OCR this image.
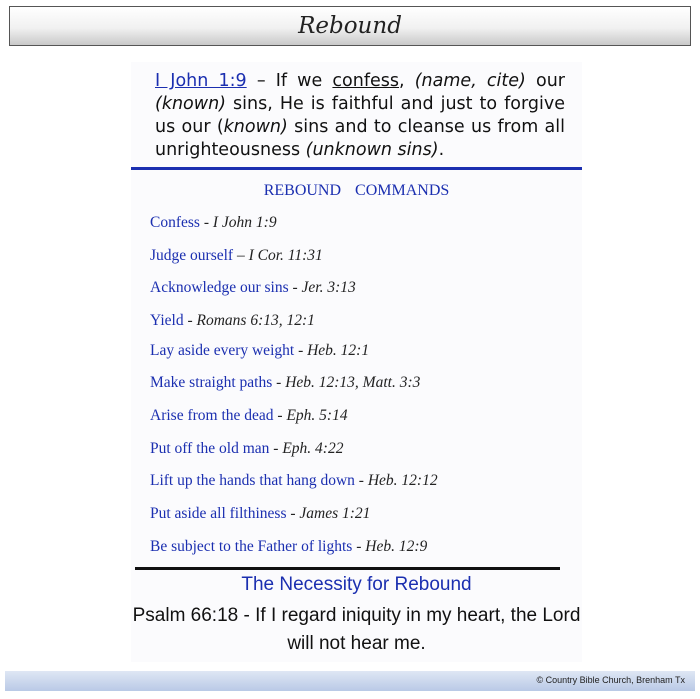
Rebound
I John 1:9 – If we confess, (name, cite) our (known) sins, He is faithful and just to forgive us our (known) sins and to cleanse us from all unrighteousness (unknown sins).
REBOUND COMMANDS
Confess - I John 1:9
Judge ourself – I Cor. 11:31
Acknowledge our sins - Jer. 3:13
Yield - Romans 6:13, 12:1
Lay aside every weight - Heb. 12:1
Make straight paths - Heb. 12:13, Matt. 3:3
Arise from the dead - Eph. 5:14
Put off the old man - Eph. 4:22
Lift up the hands that hang down - Heb. 12:12
Put aside all filthiness - James 1:21
Be subject to the Father of lights - Heb. 12:9
The Necessity for Rebound
Psalm 66:18 - If I regard iniquity in my heart, the Lord will not hear me.
© Country Bible Church, Brenham Tx
